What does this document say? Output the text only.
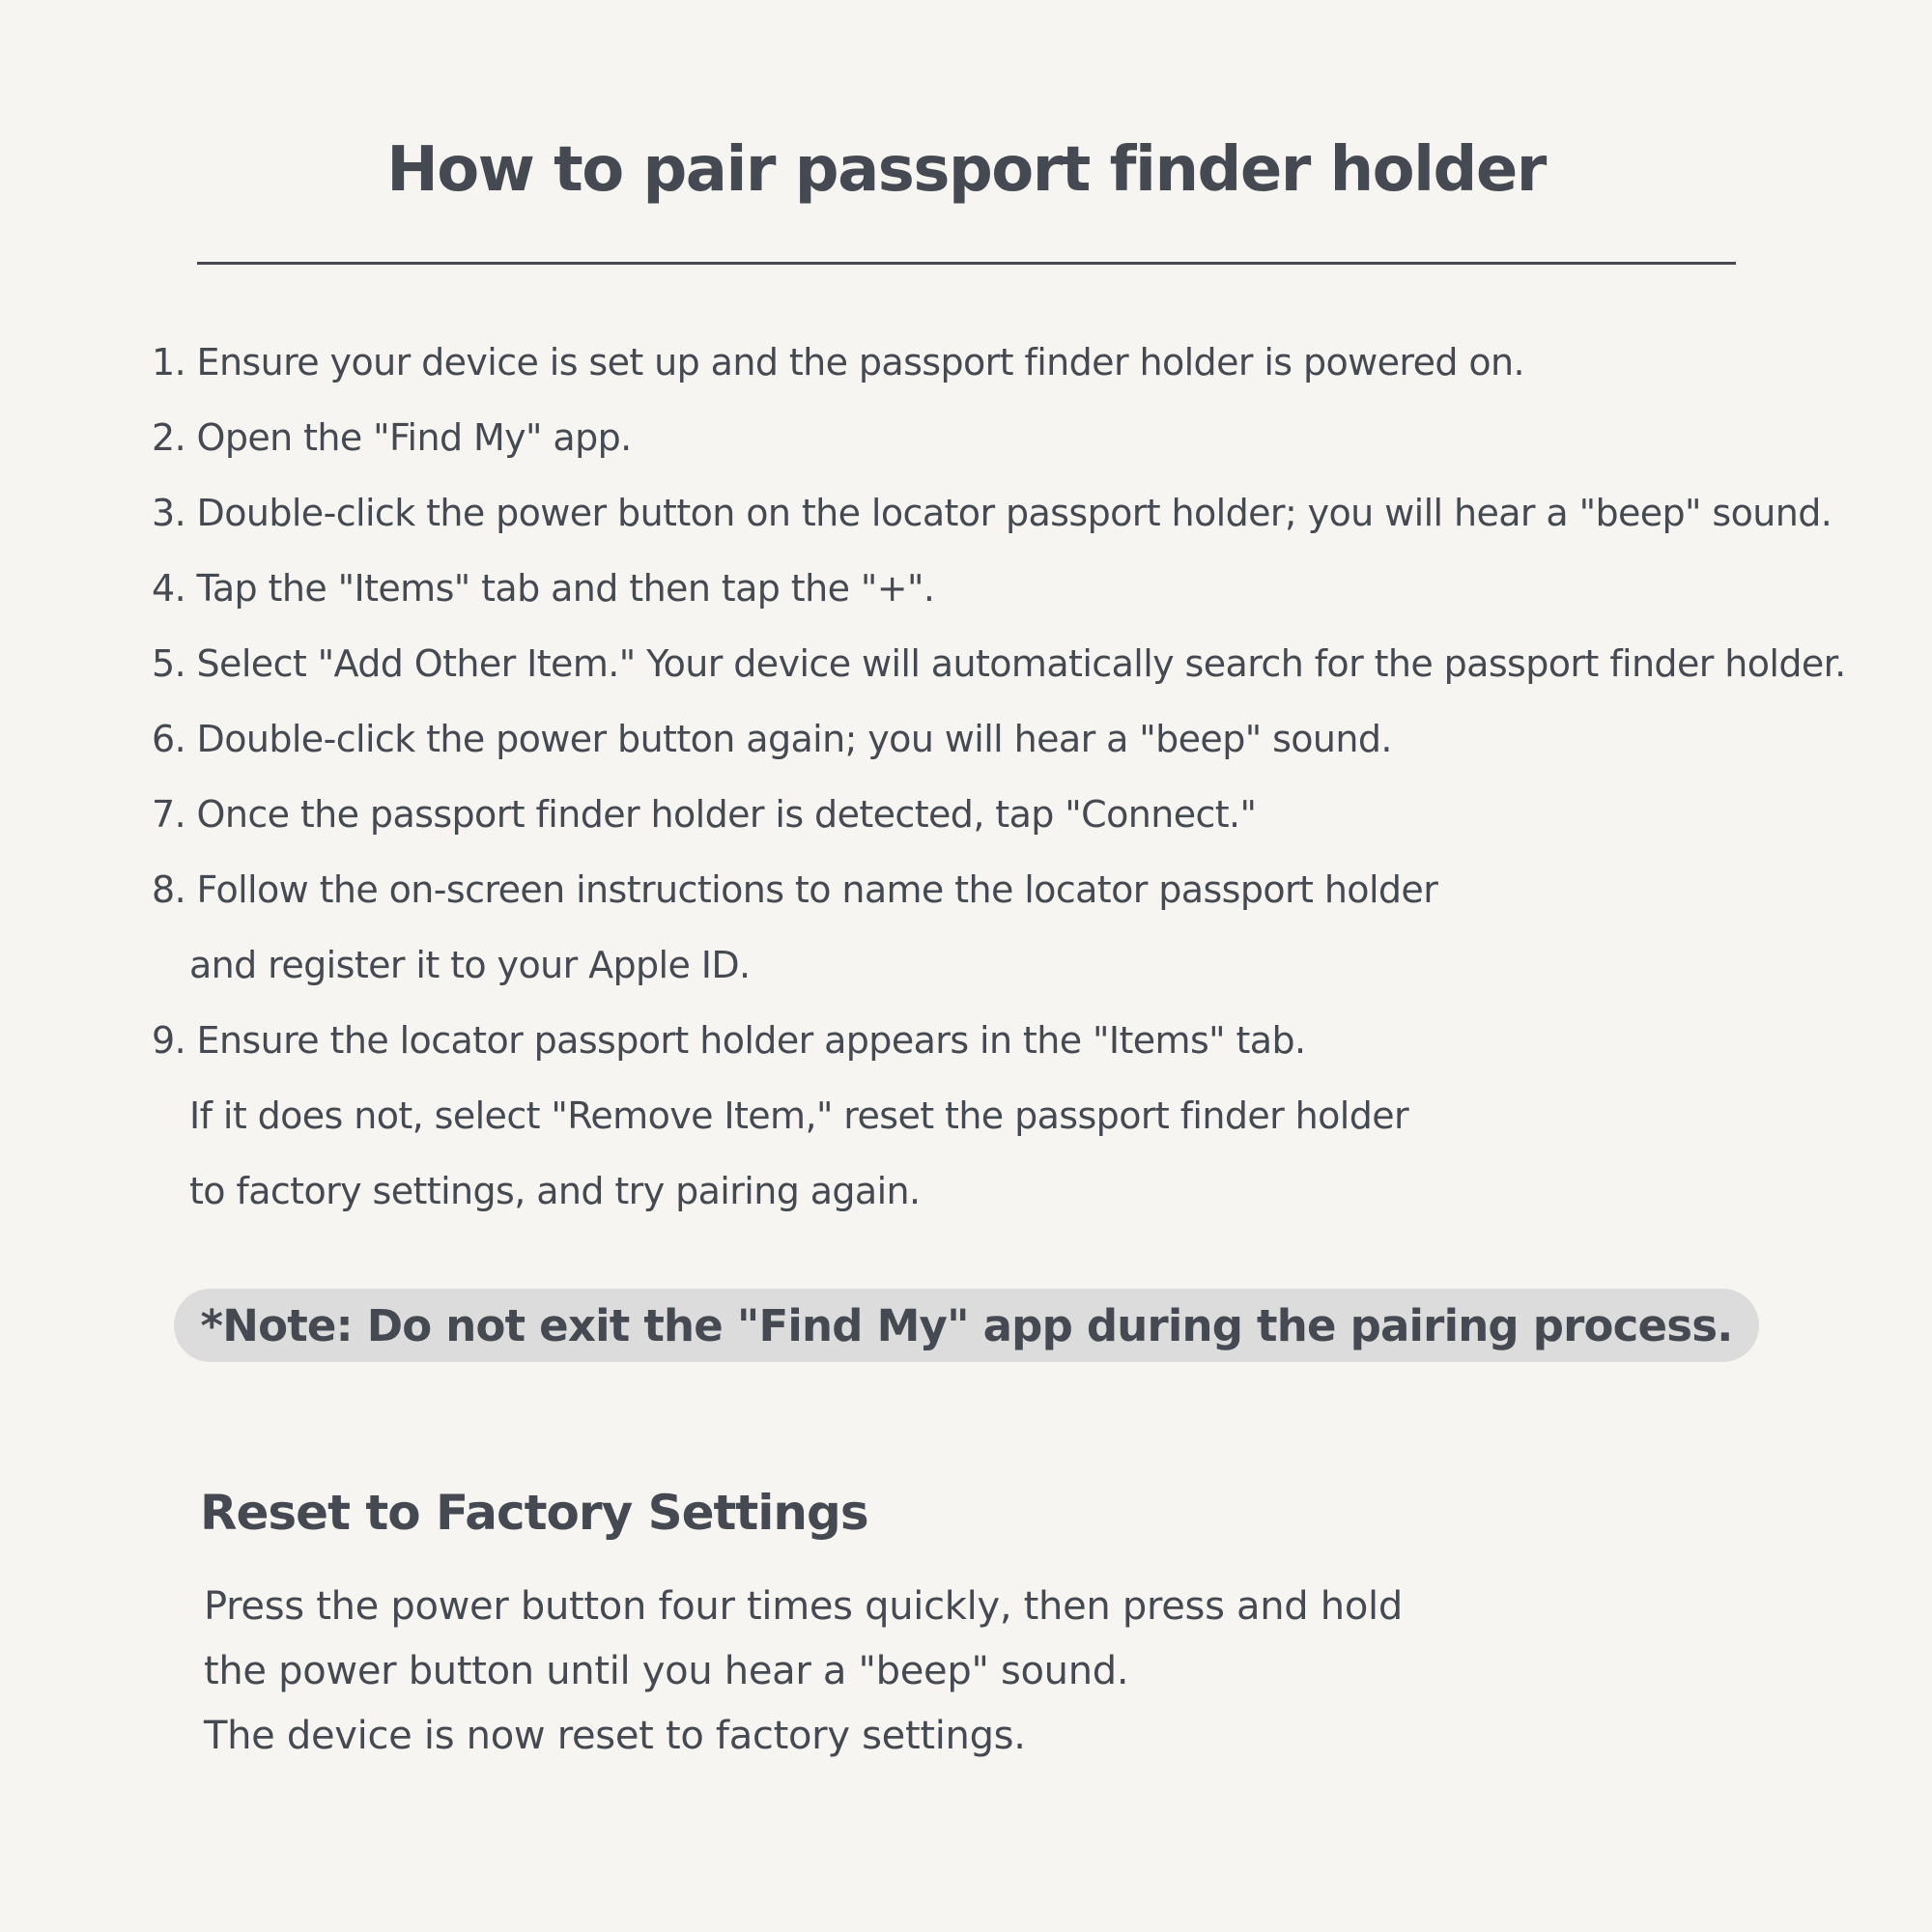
How to pair passport finder holder
1. Ensure your device is set up and the passport finder holder is powered on.
2. Open the "Find My" app.
3. Double-click the power button on the locator passport holder; you will hear a "beep" sound.
4. Tap the "Items" tab and then tap the "+".
5. Select "Add Other Item." Your device will automatically search for the passport finder holder.
6. Double-click the power button again; you will hear a "beep" sound.
7. Once the passport finder holder is detected, tap "Connect."
8. Follow the on-screen instructions to name the locator passport holder
and register it to your Apple ID.
9. Ensure the locator passport holder appears in the "Items" tab.
If it does not, select "Remove Item," reset the passport finder holder
to factory settings, and try pairing again.
*Note: Do not exit the "Find My" app during the pairing process.
Reset to Factory Settings
Press the power button four times quickly, then press and hold
the power button until you hear a "beep" sound.
The device is now reset to factory settings.
